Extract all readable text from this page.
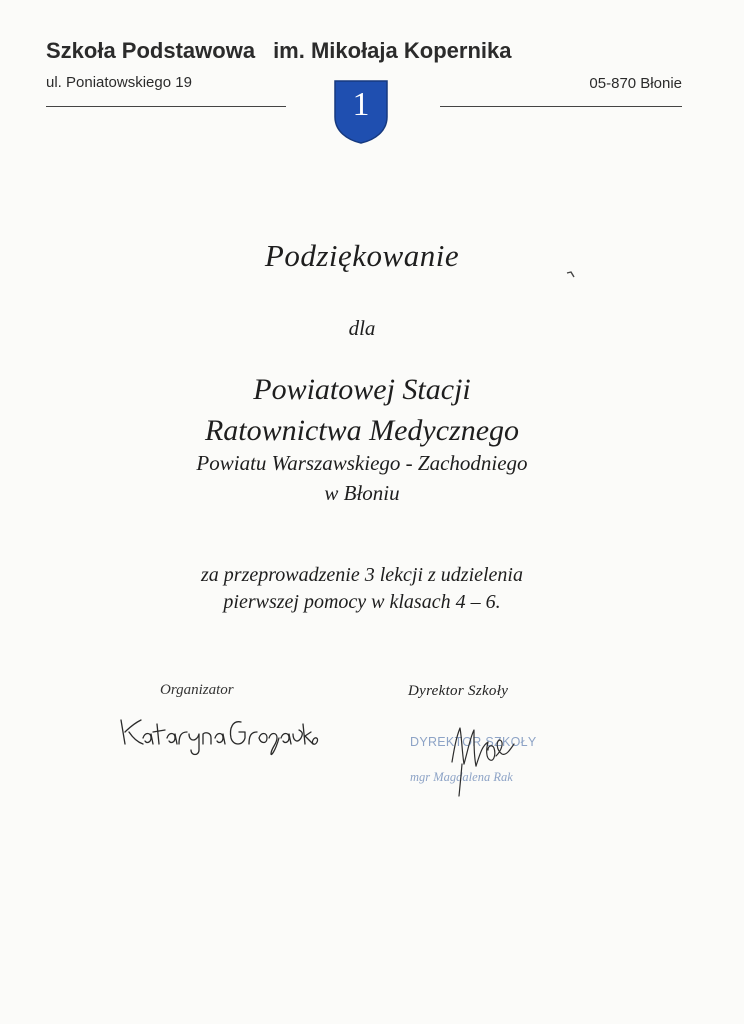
Szkoła Podstawowa im. Mikołaja Kopernika
ul. Poniatowskiego 19	05-870 Błonie
1
Podziękowanie
dla
Powiatowej Stacji
Ratownictwa Medycznego
Powiatu Warszawskiego - Zachodniego
w Błoniu
za przeprowadzenie 3 lekcji z udzielenia
pierwszej pomocy w klasach 4 – 6.
Organizator	Dyrektor Szkoły
DYREKTOR SZKOŁY
mgr Magdalena Rak
